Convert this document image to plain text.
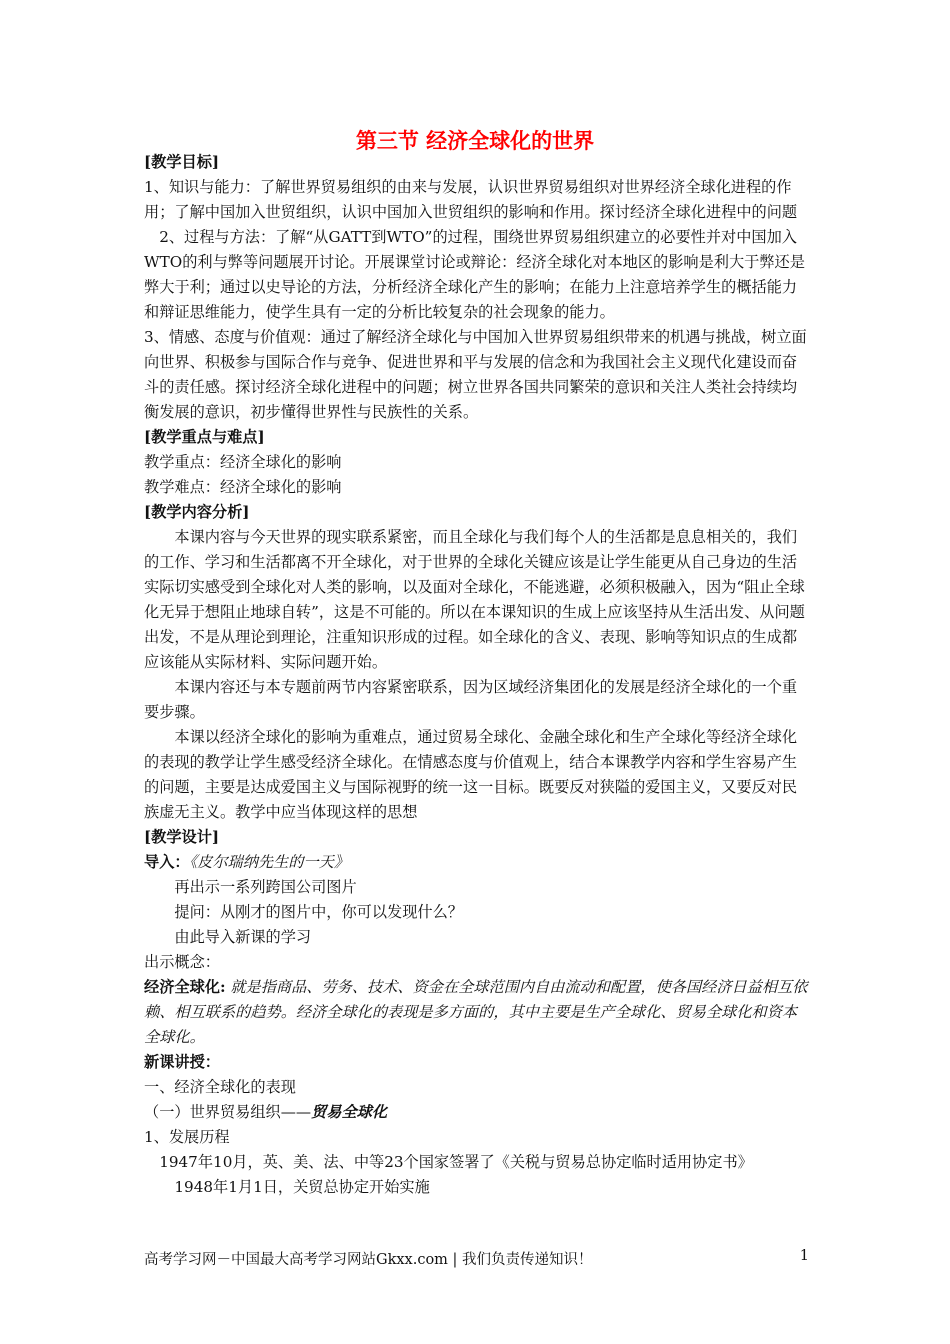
第三节 经济全球化的世界

[教学目标]

1、知识与能力：了解世界贸易组织的由来与发展，认识世界贸易组织对世界经济全球化进程的作用；了解中国加入世贸组织，认识中国加入世贸组织的影响和作用。探讨经济全球化进程中的问题

2、过程与方法：了解“从GATT到WTO”的过程，围绕世界贸易组织建立的必要性并对中国加入WTO的利与弊等问题展开讨论。开展课堂讨论或辩论：经济全球化对本地区的影响是利大于弊还是弊大于利；通过以史导论的方法，分析经济全球化产生的影响；在能力上注意培养学生的概括能力和辩证思维能力，使学生具有一定的分析比较复杂的社会现象的能力。

3、情感、态度与价值观：通过了解经济全球化与中国加入世界贸易组织带来的机遇与挑战，树立面向世界、积极参与国际合作与竞争、促进世界和平与发展的信念和为我国社会主义现代化建设而奋斗的责任感。探讨经济全球化进程中的问题；树立世界各国共同繁荣的意识和关注人类社会持续均衡发展的意识，初步懂得世界性与民族性的关系。

[教学重点与难点]

教学重点：经济全球化的影响

教学难点：经济全球化的影响

[教学内容分析]

本课内容与今天世界的现实联系紧密，而且全球化与我们每个人的生活都是息息相关的，我们的工作、学习和生活都离不开全球化，对于世界的全球化关键应该是让学生能更从自己身边的生活实际切实感受到全球化对人类的影响，以及面对全球化，不能逃避，必须积极融入，因为“阻止全球化无异于想阻止地球自转”，这是不可能的。所以在本课知识的生成上应该坚持从生活出发、从问题出发，不是从理论到理论，注重知识形成的过程。如全球化的含义、表现、影响等知识点的生成都应该能从实际材料、实际问题开始。

本课内容还与本专题前两节内容紧密联系，因为区域经济集团化的发展是经济全球化的一个重要步骤。

本课以经济全球化的影响为重难点，通过贸易全球化、金融全球化和生产全球化等经济全球化的表现的教学让学生感受经济全球化。在情感态度与价值观上，结合本课教学内容和学生容易产生的问题，主要是达成爱国主义与国际视野的统一这一目标。既要反对狭隘的爱国主义，又要反对民族虚无主义。教学中应当体现这样的思想

[教学设计]

导入：《皮尔瑞纳先生的一天》

再出示一系列跨国公司图片

提问：从刚才的图片中，你可以发现什么？

由此导入新课的学习

出示概念：

经济全球化: 就是指商品、劳务、技术、资金在全球范围内自由流动和配置，使各国经济日益相互依赖、相互联系的趋势。经济全球化的表现是多方面的，其中主要是生产全球化、贸易全球化和资本全球化。

新课讲授：

一、经济全球化的表现

（一）世界贸易组织——贸易全球化

1、发展历程

1947年10月，英、美、法、中等23个国家签署了《关税与贸易总协定临时适用协定书》

1948年1月1日，关贸总协定开始实施

高考学习网－中国最大高考学习网站Gkxx.com | 我们负责传递知识！	1
